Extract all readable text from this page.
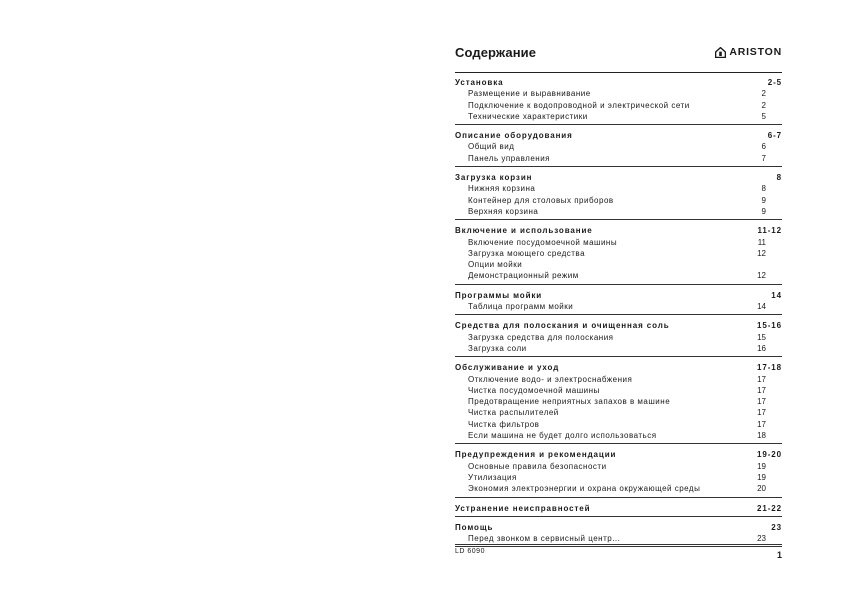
Содержание	ARISTON
Установка	2-5
Размещение и выравнивание	2
Подключение к водопроводной и электрической сети	2
Технические характеристики	5
Описание оборудования	6-7
Общий вид	6
Панель управления	7
Загрузка корзин	8
Нижняя корзина	8
Контейнер для столовых приборов	9
Верхняя корзина	9
Включение и использование	11-12
Включение посудомоечной машины	11
Загрузка моющего средства	12
Опции мойки
Демонстрационный режим	12
Программы мойки	14
Таблица программ мойки	14
Средства для полоскания и очищенная соль	15-16
Загрузка средства для полоскания	15
Загрузка соли	16
Обслуживание и уход	17-18
Отключение водо- и электроснабжения	17
Чистка посудомоечной машины	17
Предотвращение неприятных запахов в машине	17
Чистка распылителей	17
Чистка фильтров	17
Если машина не будет долго использоваться	18
Предупреждения и рекомендации	19-20
Основные правила безопасности	19
Утилизация	19
Экономия электроэнергии и охрана окружающей среды	20
Устранение неисправностей	21-22
Помощь	23
Перед звонком в сервисный центр...	23
LD 6090	1
